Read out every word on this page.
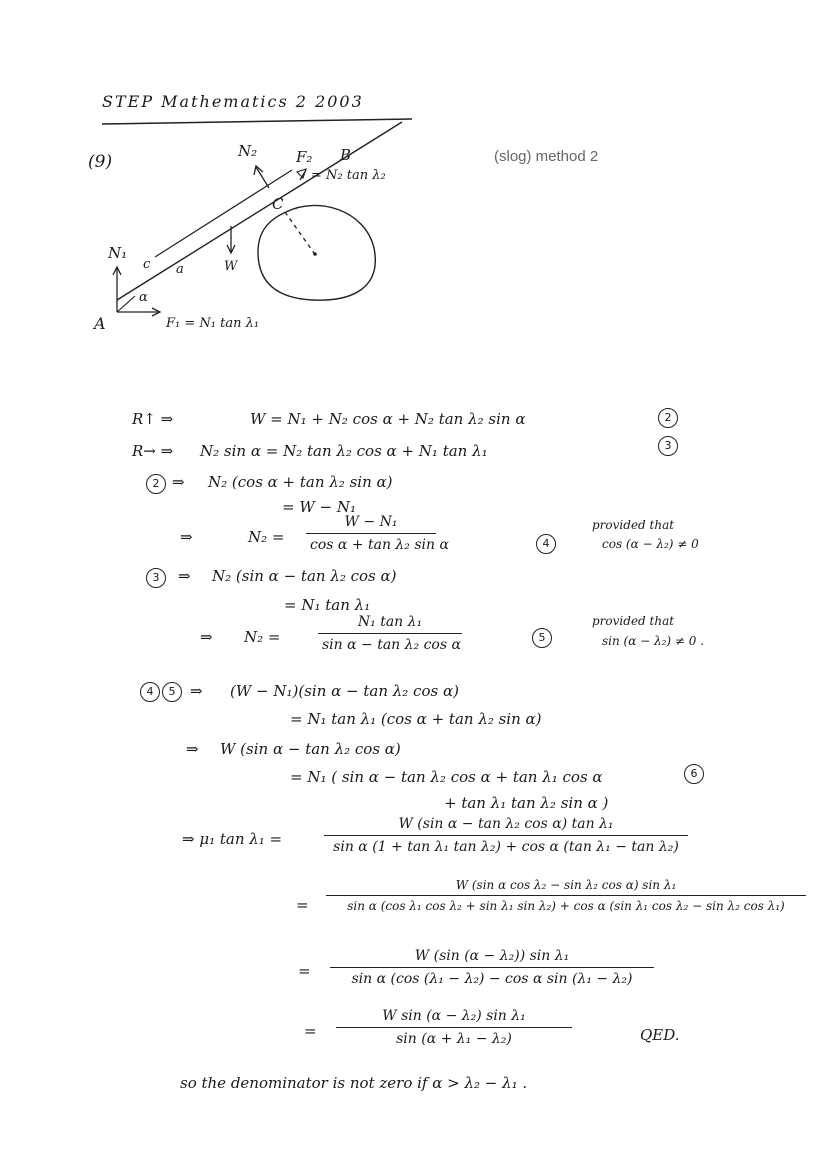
STEP Mathematics 2 2003
(9)	(slog) method 2
N₂	F₂ B
= N₂ tan λ₂
C
N₁
W
a
c
α
A	F₁ = N₁ tan λ₁
R↑ ⇒	W = N₁ + N₂ cos α + N₂ tan λ₂ sin α	2
R→ ⇒ N₂ sin α = N₂ tan λ₂ cos α + N₁ tan λ₁	3
2 ⇒ N₂ (cos α + tan λ₂ sin α)
= W − N₁
⇒	$N_2 = \frac{\text{W − N₁}}{\text{cos α + tan λ₂ sin α}}$	4
provided that
cos (α − λ₂) ≠ 0
3	⇒ N₂ (sin α − tan λ₂ cos α)
= N₁ tan λ₁
⇒ N₂ =	$\frac{\text{N₁ tan λ₁}}{\text{sin α − tan λ₂ cos α}}$	5
provided that
sin (α − λ₂) ≠ 0 .
4	5 ⇒ (W − N₁)(sin α − tan λ₂ cos α)
= N₁ tan λ₁ (cos α + tan λ₂ sin α)
⇒ W (sin α − tan λ₂ cos α)
= N₁ ( sin α − tan λ₂ cos α + tan λ₁ cos α	6
+ tan λ₁ tan λ₂ sin α )
⇒ μ₁ tan λ₁ =	$\frac{\text{W (sin α − tan λ₂ cos α) tan λ₁}}{\text{sin α (1 + tan λ₁ tan λ₂) + cos α (tan λ₁ − tan λ₂)}}$
=
W (sin α cos λ₂ − sin λ₂ cos α) sin λ₁
sin α (cos λ₁ cos λ₂ + sin λ₁ sin λ₂) + cos α (sin λ₁ cos λ₂ − sin λ₂ cos λ₁)
= $\frac{\text{W (sin (α − λ₂)) sin λ₁}}{\text{sin α (cos (λ₁ − λ₂) − cos α sin (λ₁ − λ₂)}}$
= $\frac{\text{W sin (α − λ₂) sin λ₁}}{\text{sin (α + λ₁ − λ₂)}}$	QED.
so the denominator is not zero if α > λ₂ − λ₁ .
